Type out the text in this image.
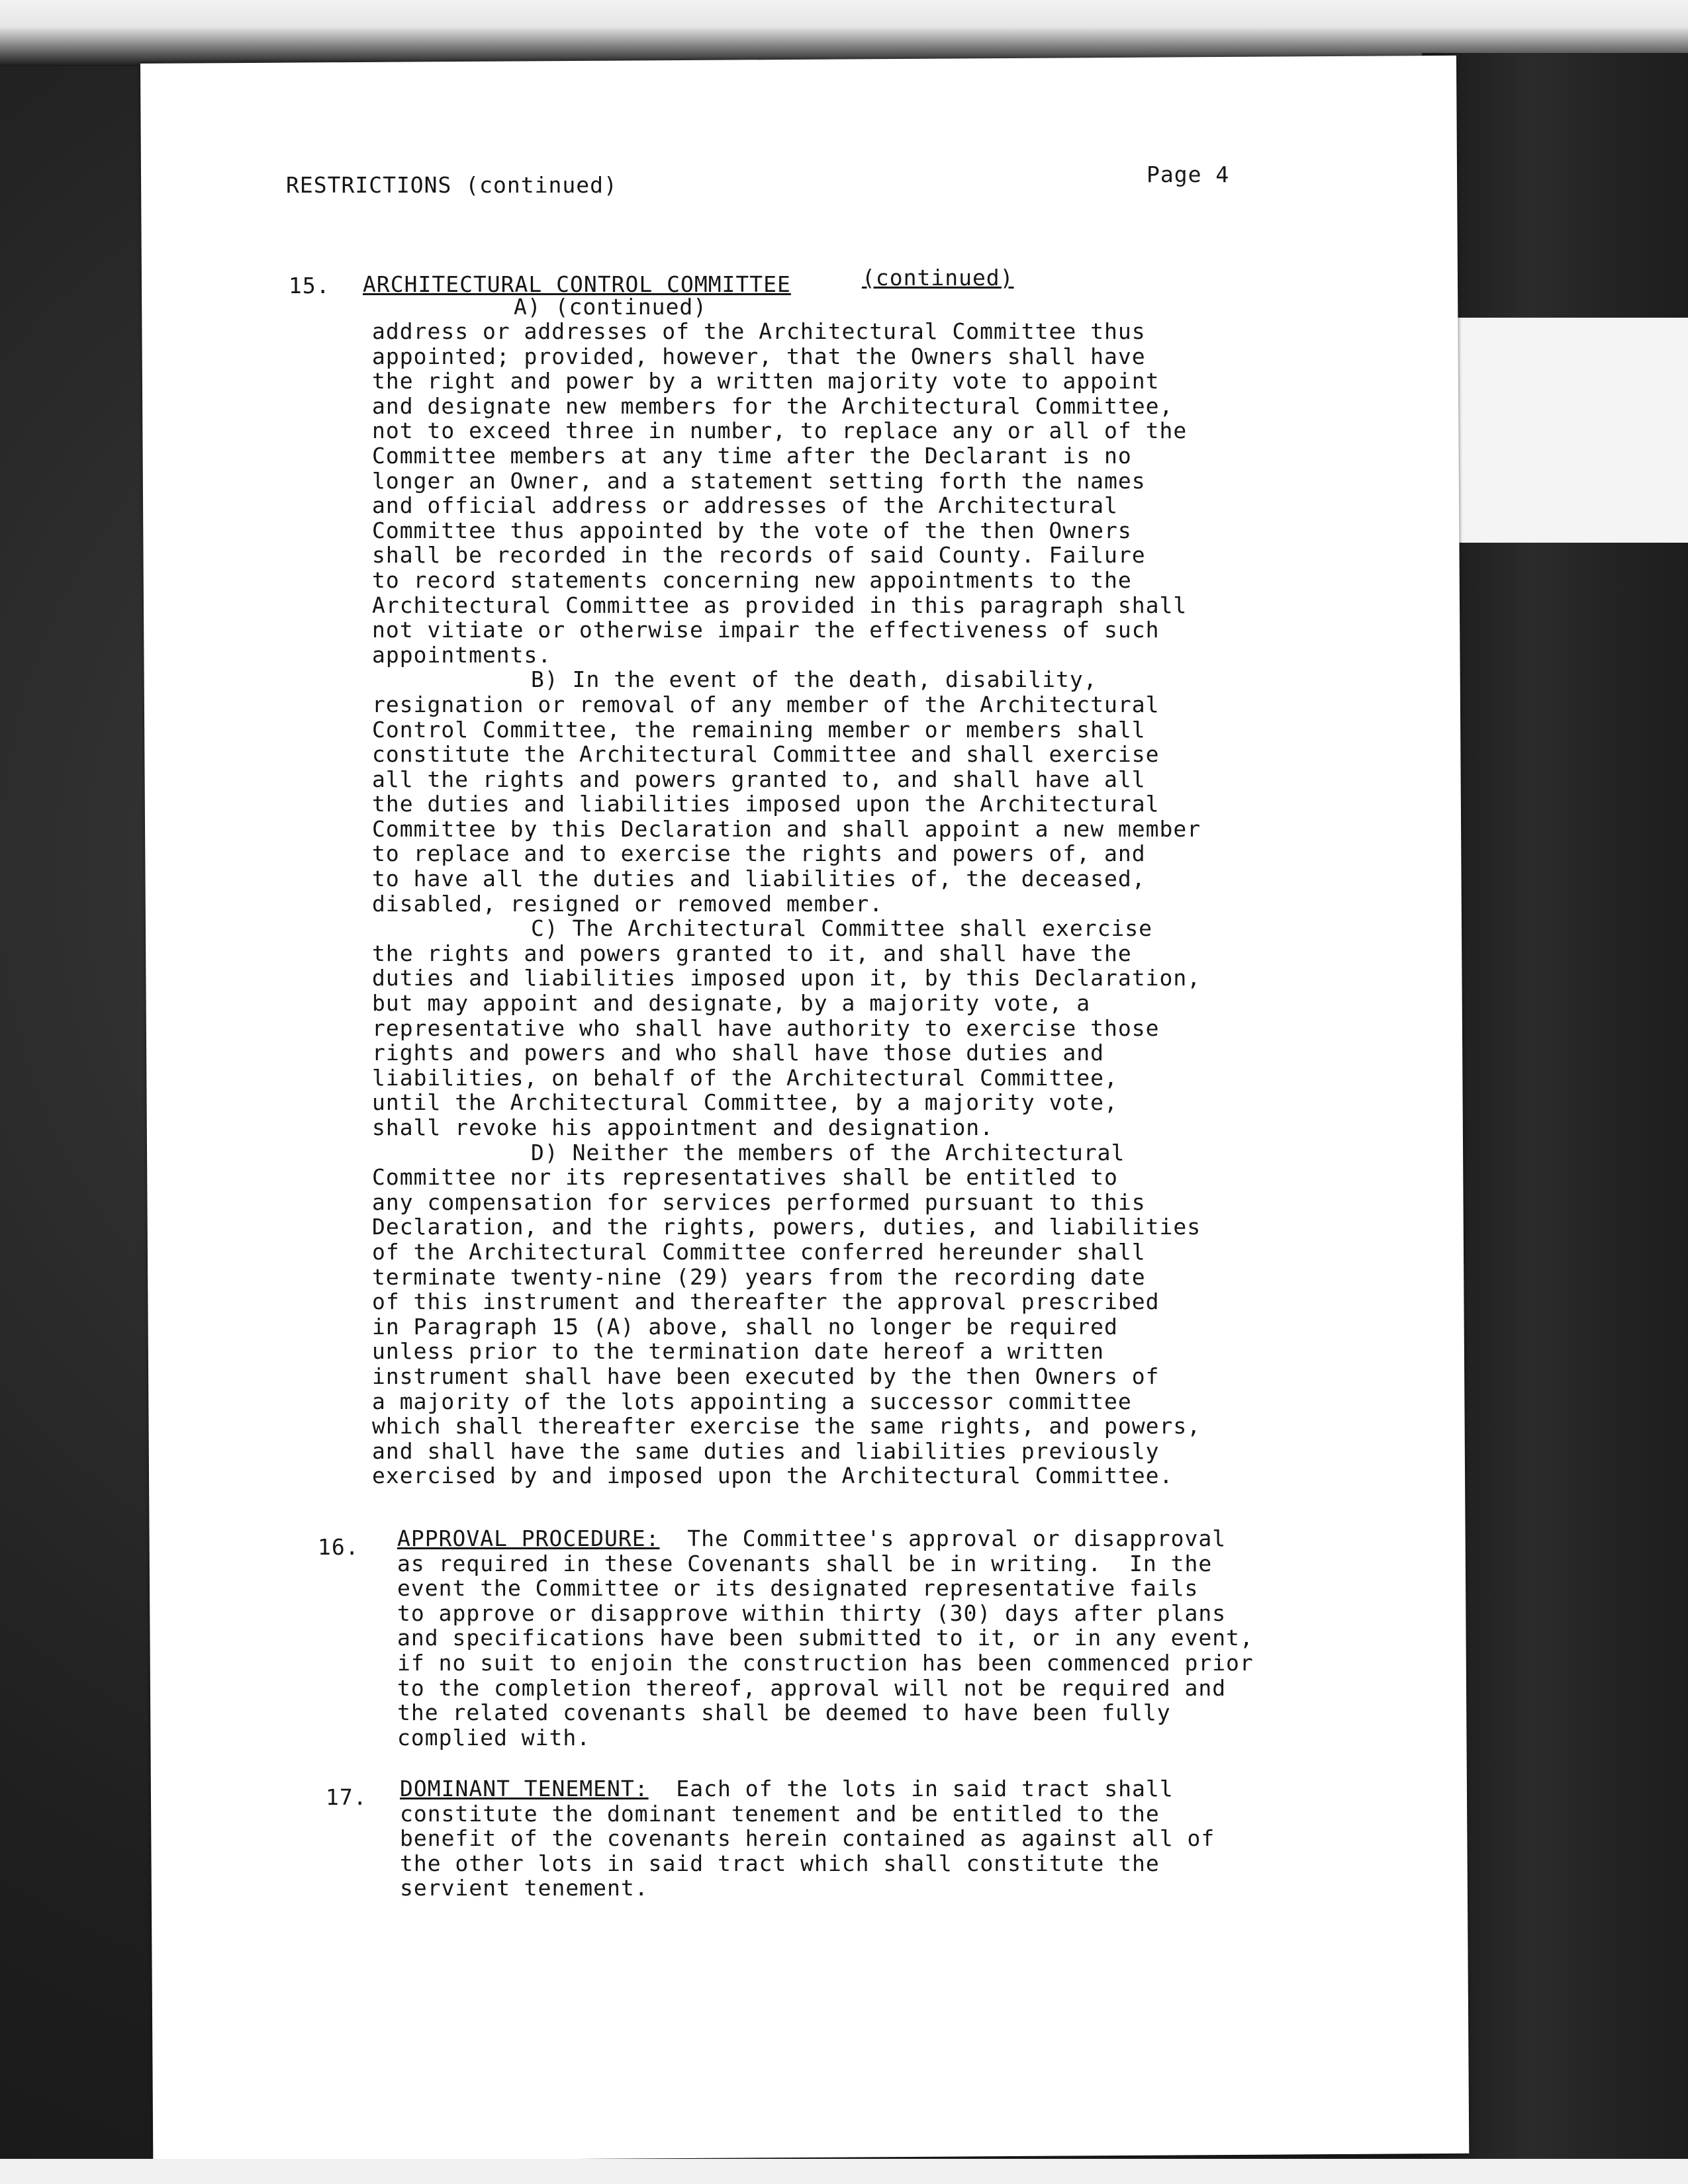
RESTRICTIONS (continued)	Page 4
15. ARCHITECTURAL CONTROL COMMITTEE	(continued)
A) (continued)
address or addresses of the Architectural Committee thus
appointed; provided, however, that the Owners shall have
the right and power by a written majority vote to appoint
and designate new members for the Architectural Committee,
not to exceed three in number, to replace any or all of the
Committee members at any time after the Declarant is no
longer an Owner, and a statement setting forth the names
and official address or addresses of the Architectural
Committee thus appointed by the vote of the then Owners
shall be recorded in the records of said County. Failure
to record statements concerning new appointments to the
Architectural Committee as provided in this paragraph shall
not vitiate or otherwise impair the effectiveness of such
appointments.
B) In the event of the death, disability,
resignation or removal of any member of the Architectural
Control Committee, the remaining member or members shall
constitute the Architectural Committee and shall exercise
all the rights and powers granted to, and shall have all
the duties and liabilities imposed upon the Architectural
Committee by this Declaration and shall appoint a new member
to replace and to exercise the rights and powers of, and
to have all the duties and liabilities of, the deceased,
disabled, resigned or removed member.
C) The Architectural Committee shall exercise
the rights and powers granted to it, and shall have the
duties and liabilities imposed upon it, by this Declaration,
but may appoint and designate, by a majority vote, a
representative who shall have authority to exercise those
rights and powers and who shall have those duties and
liabilities, on behalf of the Architectural Committee,
until the Architectural Committee, by a majority vote,
shall revoke his appointment and designation.
D) Neither the members of the Architectural
Committee nor its representatives shall be entitled to
any compensation for services performed pursuant to this
Declaration, and the rights, powers, duties, and liabilities
of the Architectural Committee conferred hereunder shall
terminate twenty-nine (29) years from the recording date
of this instrument and thereafter the approval prescribed
in Paragraph 15 (A) above, shall no longer be required
unless prior to the termination date hereof a written
instrument shall have been executed by the then Owners of
a majority of the lots appointing a successor committee
which shall thereafter exercise the same rights, and powers,
and shall have the same duties and liabilities previously
exercised by and imposed upon the Architectural Committee.
16. APPROVAL PROCEDURE: The Committee's approval or disapproval
as required in these Covenants shall be in writing.  In the
event the Committee or its designated representative fails
to approve or disapprove within thirty (30) days after plans
and specifications have been submitted to it, or in any event,
if no suit to enjoin the construction has been commenced prior
to the completion thereof, approval will not be required and
the related covenants shall be deemed to have been fully
complied with.
17. DOMINANT TENEMENT: Each of the lots in said tract shall
constitute the dominant tenement and be entitled to the
benefit of the covenants herein contained as against all of
the other lots in said tract which shall constitute the
servient tenement.
